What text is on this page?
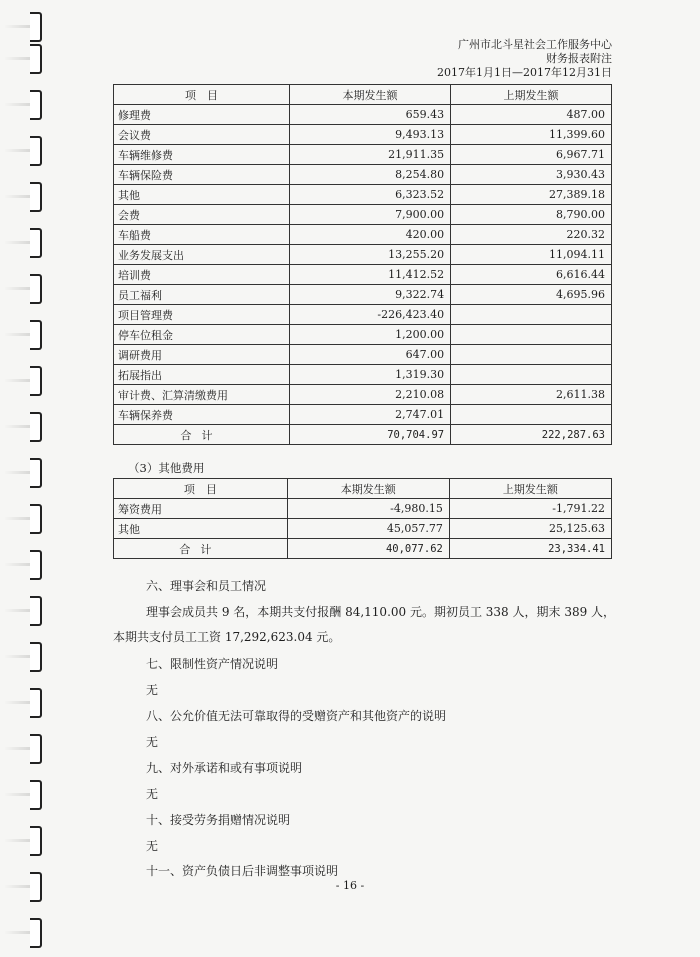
广州市北斗星社会工作服务中心
财务报表附注
2017年1月1日—2017年12月31日
项　目	本期发生额	上期发生额
修理费	659.43	487.00
会议费	9,493.13	11,399.60
车辆维修费	21,911.35	6,967.71
车辆保险费	8,254.80	3,930.43
其他	6,323.52	27,389.18
会费	7,900.00	8,790.00
车船费	420.00	220.32
业务发展支出	13,255.20	11,094.11
培训费	11,412.52	6,616.44
员工福利	9,322.74	4,695.96
项目管理费	-226,423.40	
停车位租金	1,200.00	
调研费用	647.00	
拓展指出	1,319.30	
审计费、汇算清缴费用	2,210.08	2,611.38
车辆保养费	2,747.01	
合计	70,704.97	222,287.63
（3）其他费用
项　目	本期发生额	上期发生额
筹资费用	-4,980.15	-1,791.22
其他	45,057.77	25,125.63
合计	40,077.62	23,334.41
六、理事会和员工情况
理事会成员共 9 名，本期共支付报酬 84,110.00 元。期初员工 338 人，期末 389 人，
本期共支付员工工资 17,292,623.04 元。
七、限制性资产情况说明
无
八、公允价值无法可靠取得的受赠资产和其他资产的说明
无
九、对外承诺和或有事项说明
无
十、接受劳务捐赠情况说明
无
十一、资产负债日后非调整事项说明
- 16 -
